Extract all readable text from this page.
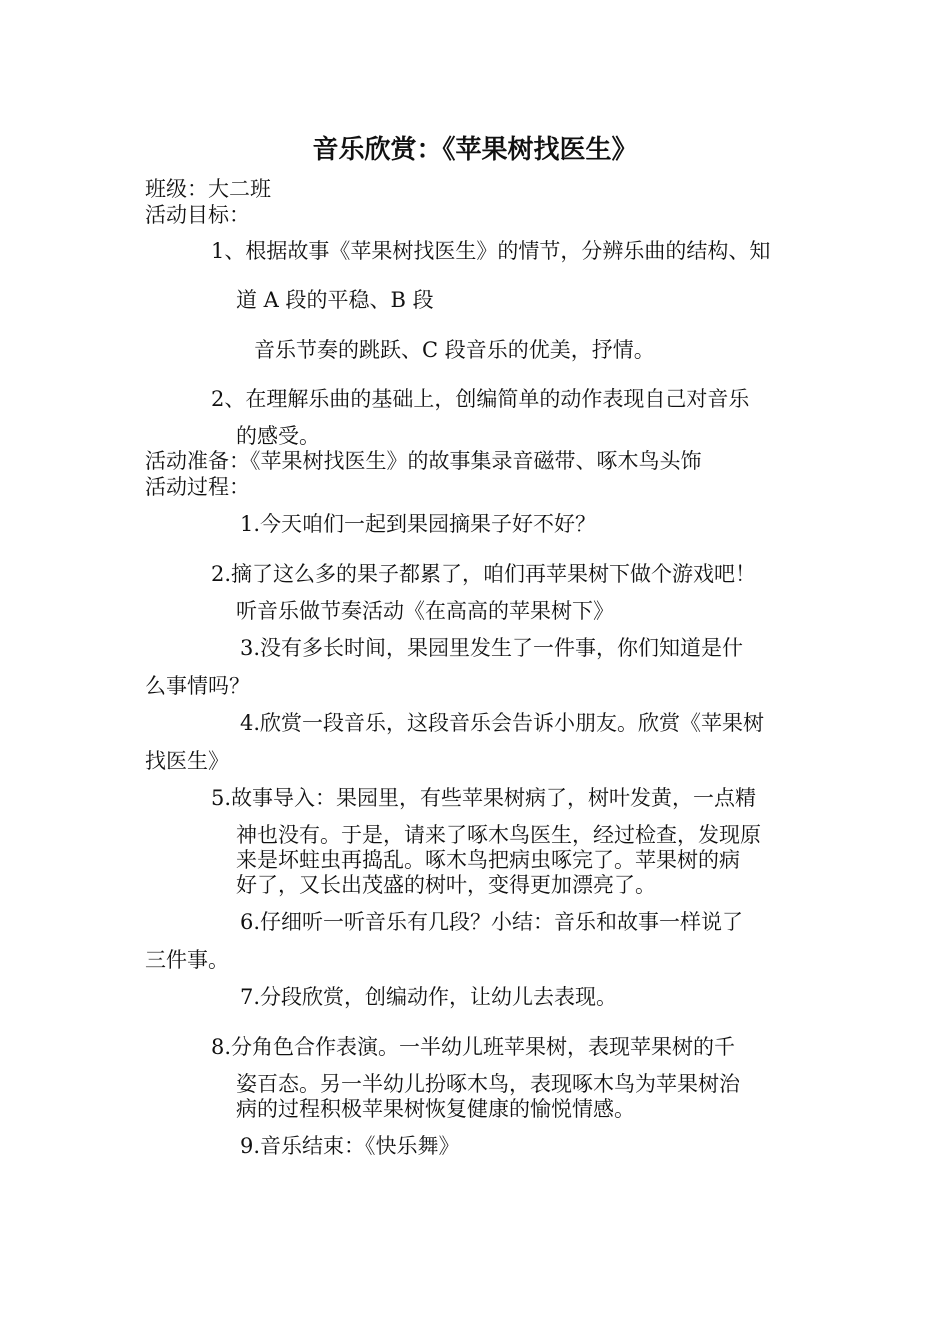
音乐欣赏：《苹果树找医生》

班级：大二班

活动目标：

1、根据故事《苹果树找医生》的情节，分辨乐曲的结构、知

道 A 段的平稳、B 段

音乐节奏的跳跃、C 段音乐的优美，抒情。

2、在理解乐曲的基础上，创编简单的动作表现自己对音乐

的感受。

活动准备：《苹果树找医生》的故事集录音磁带、啄木鸟头饰

活动过程：

1.今天咱们一起到果园摘果子好不好？

2.摘了这么多的果子都累了，咱们再苹果树下做个游戏吧！

听音乐做节奏活动《在高高的苹果树下》

3.没有多长时间，果园里发生了一件事，你们知道是什

么事情吗？

4.欣赏一段音乐，这段音乐会告诉小朋友。欣赏《苹果树

找医生》

5.故事导入：果园里，有些苹果树病了，树叶发黄，一点精

神也没有。于是，请来了啄木鸟医生，经过检查，发现原

来是坏蛀虫再捣乱。啄木鸟把病虫啄完了。苹果树的病

好了，又长出茂盛的树叶，变得更加漂亮了。

6.仔细听一听音乐有几段？小结：音乐和故事一样说了

三件事。

7.分段欣赏，创编动作，让幼儿去表现。

8.分角色合作表演。一半幼儿班苹果树，表现苹果树的千

姿百态。另一半幼儿扮啄木鸟，表现啄木鸟为苹果树治

病的过程积极苹果树恢复健康的愉悦情感。

9.音乐结束：《快乐舞》
